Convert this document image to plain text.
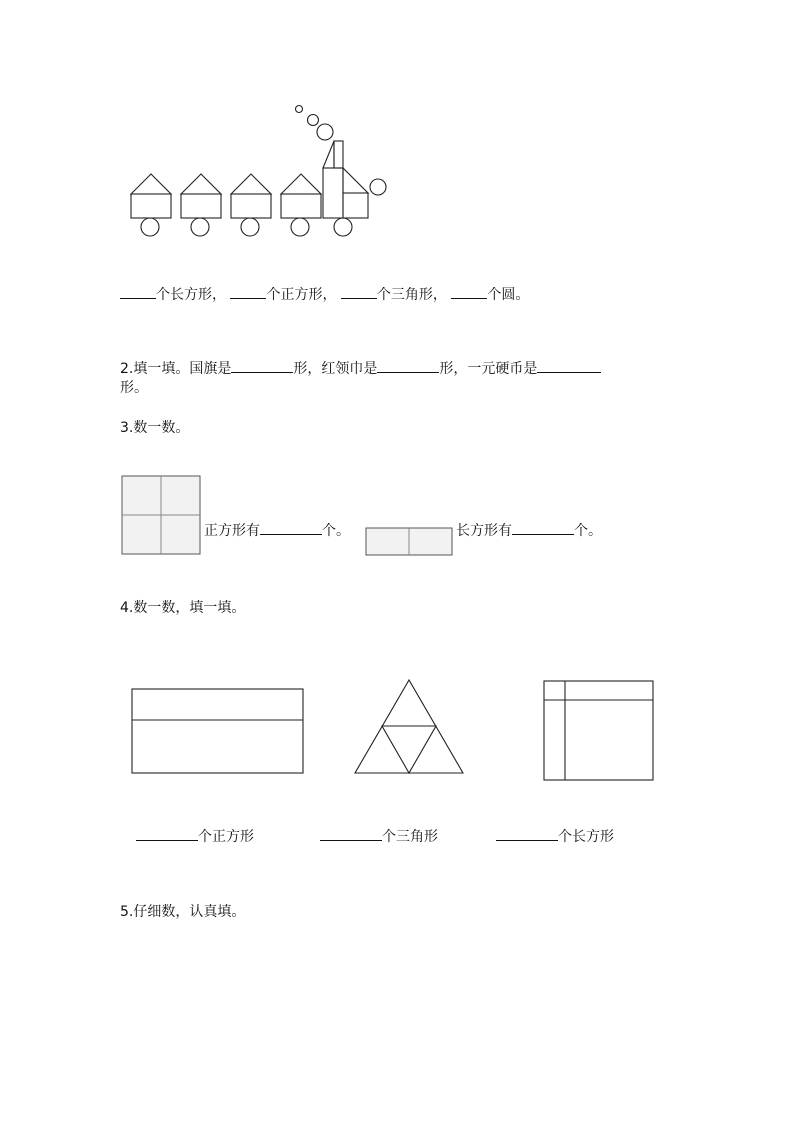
个长方形，	个正方形，	个三角形，	个圆。
2.填一填。国旗是	形，红领巾是	形，一元硬币是
形。
3.数一数。
正方形有	个。	长方形有	个。
4.数一数，填一填。
个正方形	个三角形	个长方形
5.仔细数，认真填。
